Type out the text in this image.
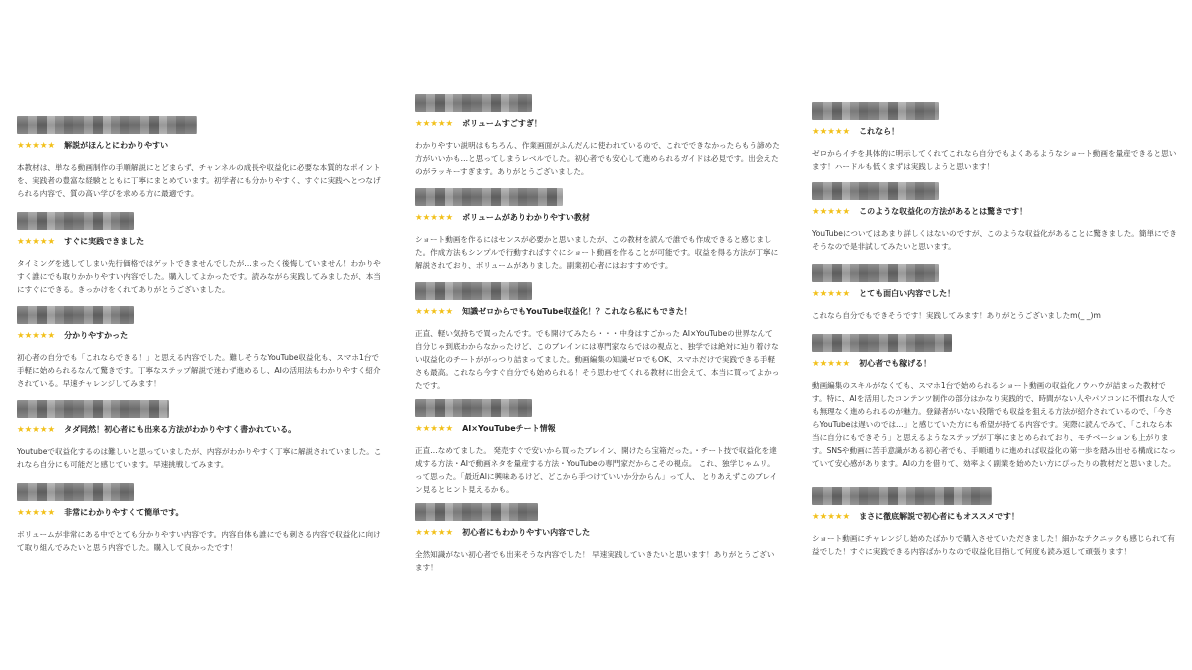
★★★★★ 解説がほんとにわかりやすい

本教材は、単なる動画制作の手順解説にとどまらず、チャンネルの成長や収益化に必要な本質的なポイントを、実践者の豊富な経験とともに丁寧にまとめています。初学者にも分かりやすく、すぐに実践へとつなげられる内容で、質の高い学びを求める方に最適です。

★★★★★ すぐに実践できました

タイミングを逃してしまい先行価格ではゲットできませんでしたが…まったく後悔していません！わかりやすく誰にでも取りかかりやすい内容でした。購入してよかったです。読みながら実践してみましたが、本当にすぐにできる。きっかけをくれてありがとうございました。

★★★★★ 分かりやすかった

初心者の自分でも「これならできる！」と思える内容でした。難しそうなYouTube収益化も、スマホ1台で手軽に始められるなんて驚きです。丁寧なステップ解説で迷わず進めるし、AIの活用法もわかりやすく紹介されている。早速チャレンジしてみます！

★★★★★ タダ同然！初心者にも出来る方法がわかりやすく書かれている。

Youtubeで収益化するのは難しいと思っていましたが、内容がわかりやすく丁寧に解説されていました。これなら自分にも可能だと感じています。早速挑戦してみます。

★★★★★ 非常にわかりやすくて簡単です。

ボリュームが非常にある中でとても分かりやすい内容です。内容自体も誰にでも刺さる内容で収益化に向けて取り組んでみたいと思う内容でした。購入して良かったです！

★★★★★ ボリュームすごすぎ！

わかりやすい説明はもちろん、作業画面がふんだんに使われているので、これでできなかったらもう諦めた方がいいかも…と思ってしまうレベルでした。初心者でも安心して進められるガイドは必見です。出会えたのがラッキーすぎます。ありがとうございました。

★★★★★ ボリュームがありわかりやすい教材

ショート動画を作るにはセンスが必要かと思いましたが、この教材を読んで誰でも作成できると感じました。作成方法もシンプルで行動すればすぐにショート動画を作ることが可能です。収益を得る方法が丁寧に解説されており、ボリュームがありました。副業初心者にはおすすめです。

★★★★★ 知識ゼロからでもYouTube収益化！？これなら私にもできた！

正直、軽い気持ちで買ったんです。でも開けてみたら・・・中身はすごかった AI×YouTubeの世界なんて自分じゃ到底わからなかったけど、このブレインには専門家ならではの視点と、独学では絶対に辿り着けない収益化のチートががっつり詰まってました。動画編集の知識ゼロでもOK、スマホだけで実践できる手軽さも最高。これなら今すぐ自分でも始められる！そう思わせてくれる教材に出会えて、本当に買ってよかったです。

★★★★★ AI×YouTubeチート情報

正直…なめてました。 発売すぐで安いから買ったブレイン、開けたら宝箱だった。・チート技で収益化を達成する方法・AIで動画ネタを量産する方法・YouTubeの専門家だからこその視点。 これ、独学じゃムリ。って思った。「最近AIに興味あるけど、どこから手つけていいか分からん」って人、 とりあえずこのブレイン見るとヒント見えるかも。

★★★★★ 初心者にもわかりやすい内容でした

全然知識がない初心者でも出来そうな内容でした！ 早速実践していきたいと思います！ありがとうございます！

★★★★★ これなら！

ゼロからイチを具体的に明示してくれてこれなら自分でもよくあるようなショート動画を量産できると思います！ハードルも低くまずは実践しようと思います！

★★★★★ このような収益化の方法があるとは驚きです！

YouTubeについてはあまり詳しくはないのですが、このような収益化があることに驚きました。簡単にできそうなので是非試してみたいと思います。

★★★★★ とても面白い内容でした！

これなら自分でもできそうです！実践してみます！ありがとうございましたm(_ _)m

★★★★★ 初心者でも稼げる！

動画編集のスキルがなくても、スマホ1台で始められるショート動画の収益化ノウハウが詰まった教材です。特に、AIを活用したコンテンツ制作の部分はかなり実践的で、時間がない人やパソコンに不慣れな人でも無理なく進められるのが魅力。登録者がいない段階でも収益を狙える方法が紹介されているので、「今さらYouTubeは遅いのでは…」と感じていた方にも希望が持てる内容です。実際に読んでみて、「これなら本当に自分にもできそう」と思えるようなステップが丁寧にまとめられており、モチベーションも上がります。SNSや動画に苦手意識がある初心者でも、手順通りに進めれば収益化の第一歩を踏み出せる構成になっていて安心感があります。AIの力を借りて、効率よく副業を始めたい方にぴったりの教材だと思いました。

★★★★★ まさに徹底解説で初心者にもオススメです！

ショート動画にチャレンジし始めたばかりで購入させていただきました！細かなテクニックも感じられて有益でした！すぐに実践できる内容ばかりなので収益化目指して何度も読み返して頑張ります！
